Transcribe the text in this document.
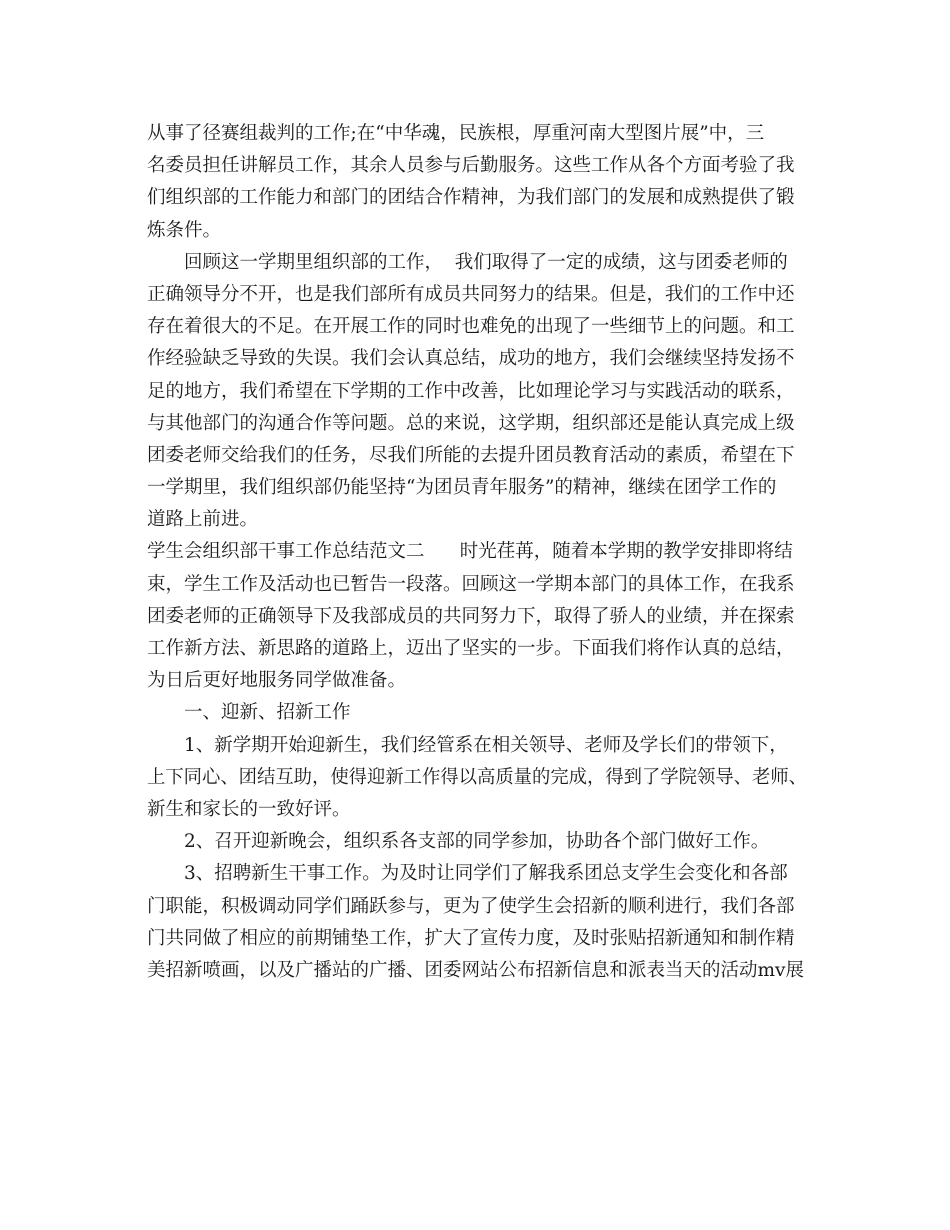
从事了径赛组裁判的工作;在“中华魂，民族根，厚重河南大型图片展”中，三

名委员担任讲解员工作，其余人员参与后勤服务。这些工作从各个方面考验了我

们组织部的工作能力和部门的团结合作精神，为我们部门的发展和成熟提供了锻

炼条件。

回顾这一学期里组织部的工作，  我们取得了一定的成绩，这与团委老师的

正确领导分不开，也是我们部所有成员共同努力的结果。但是，我们的工作中还

存在着很大的不足。在开展工作的同时也难免的出现了一些细节上的问题。和工

作经验缺乏导致的失误。我们会认真总结，成功的地方，我们会继续坚持发扬不

足的地方，我们希望在下学期的工作中改善，比如理论学习与实践活动的联系，

与其他部门的沟通合作等问题。总的来说，这学期，组织部还是能认真完成上级

团委老师交给我们的任务，尽我们所能的去提升团员教育活动的素质，希望在下

一学期里，我们组织部仍能坚持“为团员青年服务”的精神，继续在团学工作的

道路上前进。

学生会组织部干事工作总结范文二      时光荏苒，随着本学期的教学安排即将结

束，学生工作及活动也已暂告一段落。回顾这一学期本部门的具体工作，在我系

团委老师的正确领导下及我部成员的共同努力下，取得了骄人的业绩，并在探索

工作新方法、新思路的道路上，迈出了坚实的一步。下面我们将作认真的总结，

为日后更好地服务同学做准备。

一、迎新、招新工作

1、新学期开始迎新生，我们经管系在相关领导、老师及学长们的带领下，

上下同心、团结互助，使得迎新工作得以高质量的完成，得到了学院领导、老师、

新生和家长的一致好评。

2、召开迎新晚会，组织系各支部的同学参加，协助各个部门做好工作。

3、招聘新生干事工作。为及时让同学们了解我系团总支学生会变化和各部

门职能，积极调动同学们踊跃参与，更为了使学生会招新的顺利进行，我们各部

门共同做了相应的前期铺垫工作，扩大了宣传力度，及时张贴招新通知和制作精

美招新喷画，以及广播站的广播、团委网站公布招新信息和派表当天的活动mv展
